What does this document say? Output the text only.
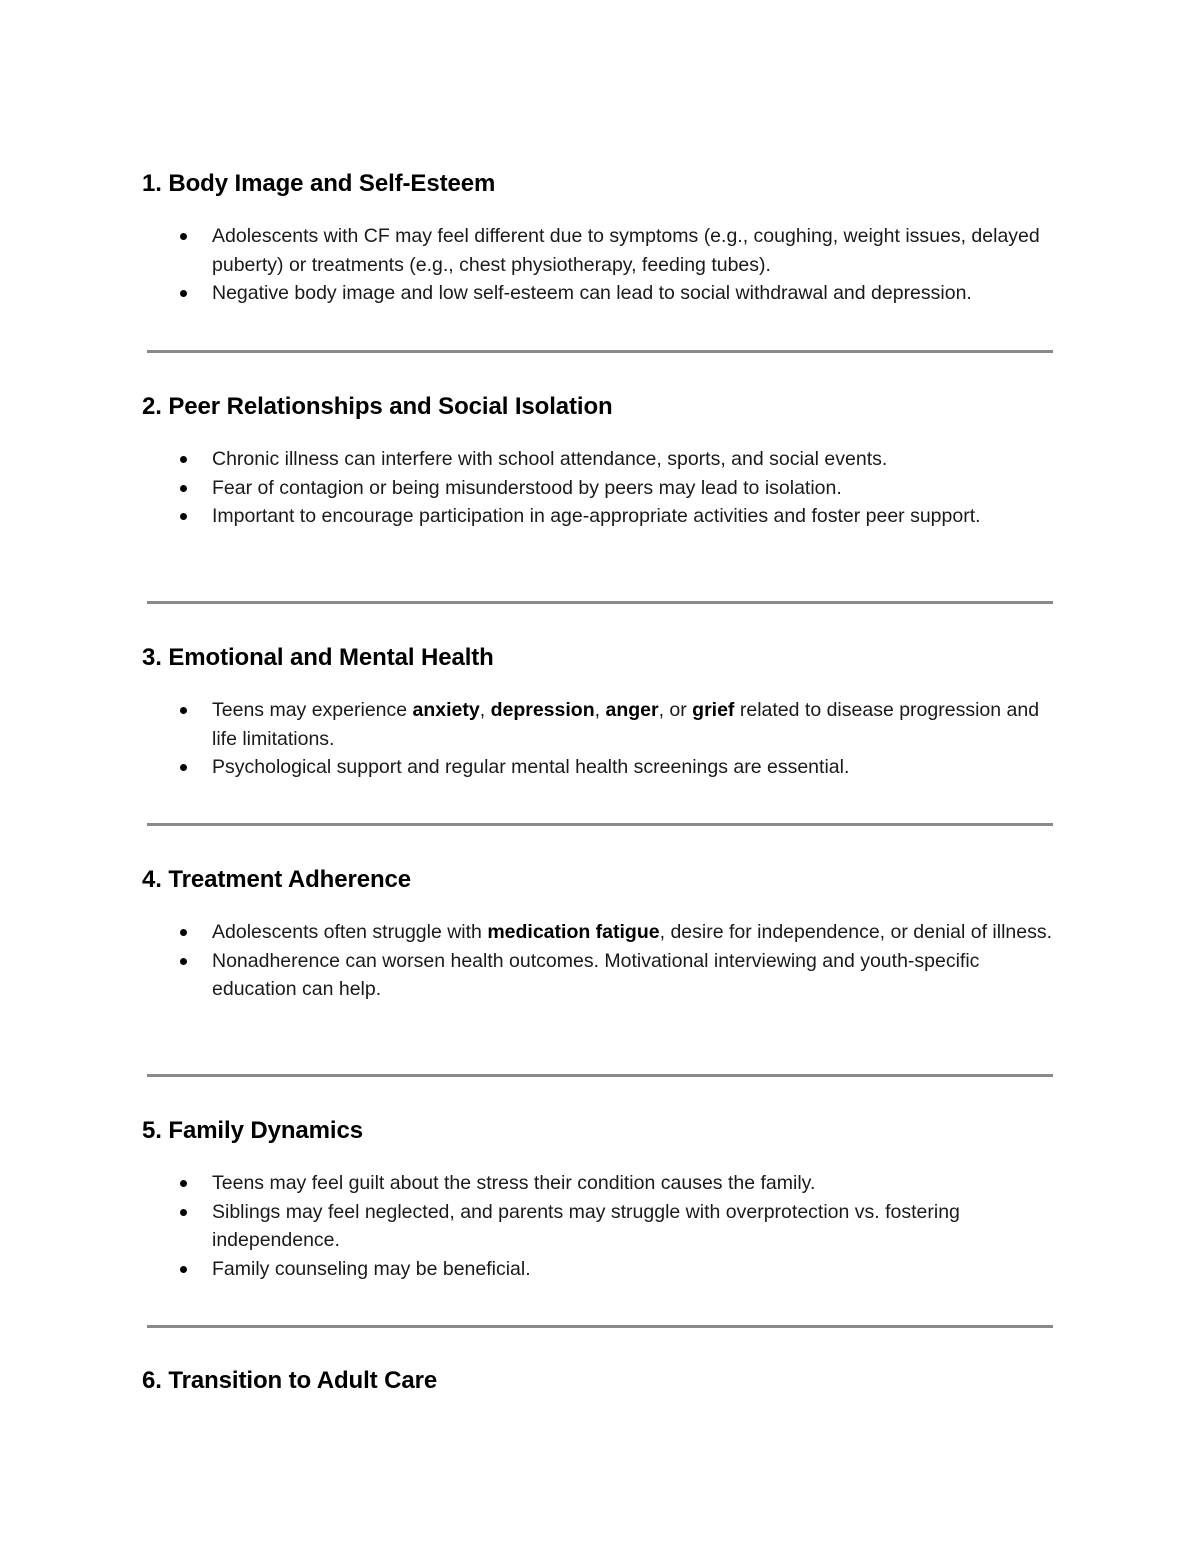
1. Body Image and Self-Esteem
Adolescents with CF may feel different due to symptoms (e.g., coughing, weight issues, delayed puberty) or treatments (e.g., chest physiotherapy, feeding tubes).
Negative body image and low self-esteem can lead to social withdrawal and depression.
2. Peer Relationships and Social Isolation
Chronic illness can interfere with school attendance, sports, and social events.
Fear of contagion or being misunderstood by peers may lead to isolation.
Important to encourage participation in age-appropriate activities and foster peer support.
3. Emotional and Mental Health
Teens may experience anxiety, depression, anger, or grief related to disease progression and life limitations.
Psychological support and regular mental health screenings are essential.
4. Treatment Adherence
Adolescents often struggle with medication fatigue, desire for independence, or denial of illness.
Nonadherence can worsen health outcomes. Motivational interviewing and youth-specific education can help.
5. Family Dynamics
Teens may feel guilt about the stress their condition causes the family.
Siblings may feel neglected, and parents may struggle with overprotection vs. fostering independence.
Family counseling may be beneficial.
6. Transition to Adult Care
